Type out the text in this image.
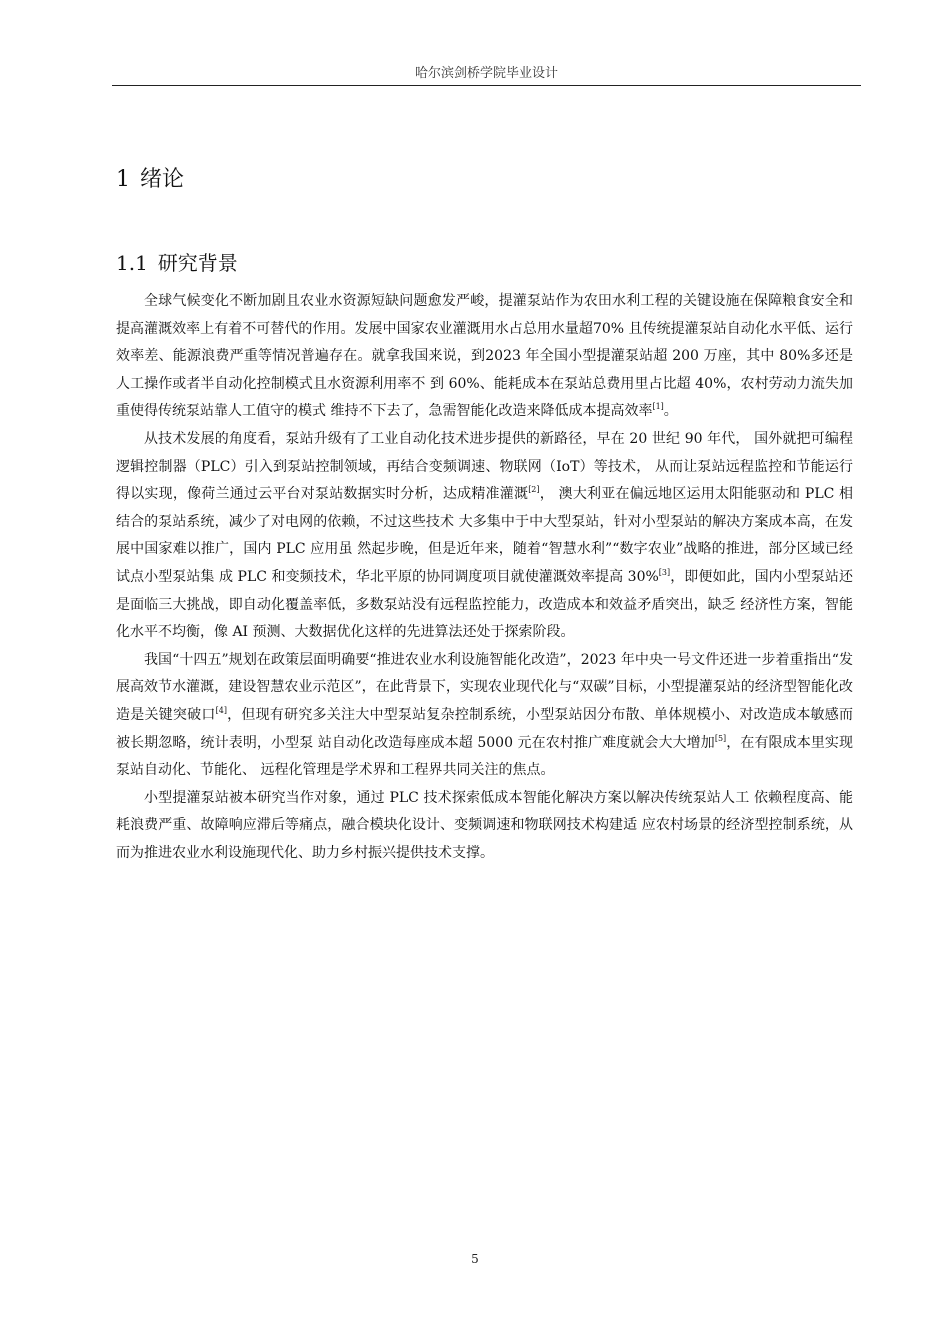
哈尔滨剑桥学院毕业设计
1 绪论
1.1 研究背景

全球气候变化不断加剧且农业水资源短缺问题愈发严峻，提灌泵站作为农田水利工程的关键设施在保障粮食安全和提高灌溉效率上有着不可替代的作用。发展中国家农业灌溉用水占总用水量超70% 且传统提灌泵站自动化水平低、运行效率差、能源浪费严重等情况普遍存在。就拿我国来说，到2023 年全国小型提灌泵站超 200 万座，其中 80%多还是人工操作或者半自动化控制模式且水资源利用率不 到 60%、能耗成本在泵站总费用里占比超 40%，农村劳动力流失加重使得传统泵站靠人工值守的模式 维持不下去了，急需智能化改造来降低成本提高效率[1]。

从技术发展的角度看，泵站升级有了工业自动化技术进步提供的新路径，早在 20 世纪 90 年代， 国外就把可编程逻辑控制器（PLC）引入到泵站控制领域，再结合变频调速、物联网（IoT）等技术， 从而让泵站远程监控和节能运行得以实现，像荷兰通过云平台对泵站数据实时分析，达成精准灌溉[2]， 澳大利亚在偏远地区运用太阳能驱动和 PLC 相结合的泵站系统，减少了对电网的依赖，不过这些技术 大多集中于中大型泵站，针对小型泵站的解决方案成本高，在发展中国家难以推广，国内 PLC 应用虽 然起步晚，但是近年来，随着“智慧水利”“数字农业”战略的推进，部分区域已经试点小型泵站集 成 PLC 和变频技术，华北平原的协同调度项目就使灌溉效率提高 30%[3]，即便如此，国内小型泵站还 是面临三大挑战，即自动化覆盖率低，多数泵站没有远程监控能力，改造成本和效益矛盾突出，缺乏 经济性方案，智能化水平不均衡，像 AI 预测、大数据优化这样的先进算法还处于探索阶段。

我国“十四五”规划在政策层面明确要“推进农业水利设施智能化改造”，2023 年中央一号文件还进一步着重指出“发展高效节水灌溉，建设智慧农业示范区”，在此背景下，实现农业现代化与“双碳”目标，小型提灌泵站的经济型智能化改造是关键突破口[4]，但现有研究多关注大中型泵站复杂控制系统，小型泵站因分布散、单体规模小、对改造成本敏感而被长期忽略，统计表明，小型泵 站自动化改造每座成本超 5000 元在农村推广难度就会大大增加[5]，在有限成本里实现泵站自动化、节能化、 远程化管理是学术界和工程界共同关注的焦点。

小型提灌泵站被本研究当作对象，通过 PLC 技术探索低成本智能化解决方案以解决传统泵站人工 依赖程度高、能耗浪费严重、故障响应滞后等痛点，融合模块化设计、变频调速和物联网技术构建适 应农村场景的经济型控制系统，从而为推进农业水利设施现代化、助力乡村振兴提供技术支撑。

5
